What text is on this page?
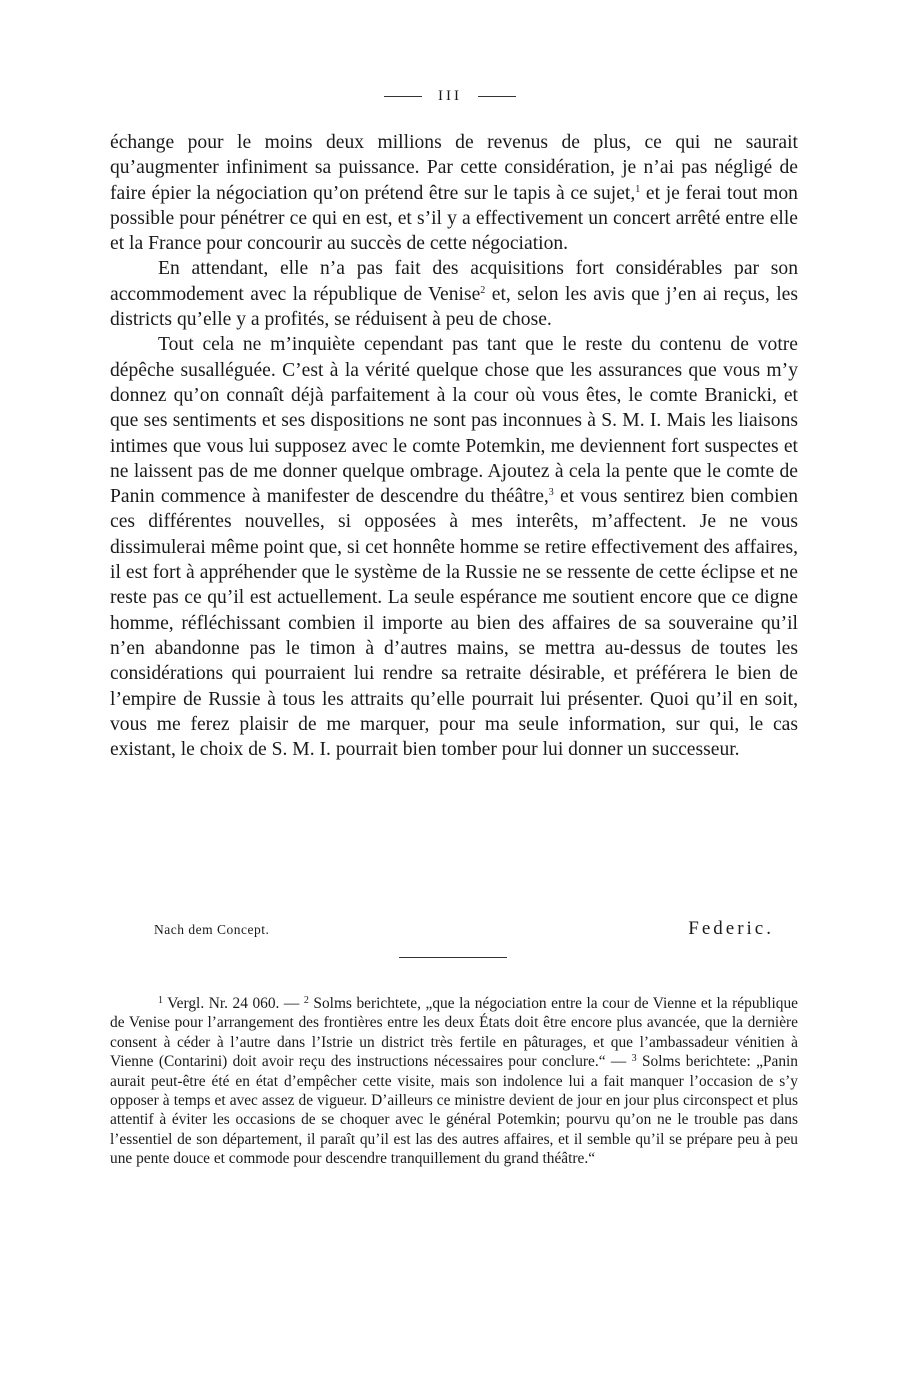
III

échange pour le moins deux millions de revenus de plus, ce qui ne saurait qu’augmenter infiniment sa puissance. Par cette considération, je n’ai pas négligé de faire épier la négociation qu’on prétend être sur le tapis à ce sujet,$^1$ et je ferai tout mon possible pour pénétrer ce qui en est, et s’il y a effectivement un concert arrêté entre elle et la France pour concourir au succès de cette négociation.

En attendant, elle n’a pas fait des acquisitions fort considérables par son accommodement avec la république de Venise$^2$ et, selon les avis que j’en ai reçus, les districts qu’elle y a profités, se réduisent à peu de chose.

Tout cela ne m’inquiète cependant pas tant que le reste du contenu de votre dépêche susalléguée. C’est à la vérité quelque chose que les assurances que vous m’y donnez qu’on connaît déjà parfaitement à la cour où vous êtes, le comte Branicki, et que ses sentiments et ses dispositions ne sont pas inconnues à S. M. I. Mais les liaisons intimes que vous lui supposez avec le comte Potemkin, me deviennent fort suspectes et ne laissent pas de me donner quelque ombrage. Ajoutez à cela la pente que le comte de Panin commence à manifester de descendre du théâtre,$^3$ et vous sentirez bien combien ces différentes nouvelles, si opposées à mes interêts, m’affectent. Je ne vous dissimulerai même point que, si cet honnête homme se retire effectivement des affaires, il est fort à appréhender que le système de la Russie ne se ressente de cette éclipse et ne reste pas ce qu’il est actuellement. La seule espérance me soutient encore que ce digne homme, réfléchissant combien il importe au bien des affaires de sa souveraine qu’il n’en abandonne pas le timon à d’autres mains, se mettra au-dessus de toutes les considérations qui pourraient lui rendre sa retraite désirable, et préférera le bien de l’empire de Russie à tous les attraits qu’elle pourrait lui présenter. Quoi qu’il en soit, vous me ferez plaisir de me marquer, pour ma seule information, sur qui, le cas existant, le choix de S. M. I. pourrait bien tomber pour lui donner un successeur.

Nach dem Concept.	Federic.

$^1$ Vergl. Nr. 24 060. — $^2$ Solms berichtete, „que la négociation entre la cour de Vienne et la république de Venise pour l’arrangement des frontières entre les deux États doit être encore plus avancée, que la dernière consent à céder à l’autre dans l’Istrie un district très fertile en pâturages, et que l’ambassadeur vénitien à Vienne (Contarini) doit avoir reçu des instructions nécessaires pour conclure.“ — $^3$ Solms berichtete: „Panin aurait peut-être été en état d’empêcher cette visite, mais son indolence lui a fait manquer l’occasion de s’y opposer à temps et avec assez de vigueur. D’ailleurs ce ministre devient de jour en jour plus circonspect et plus attentif à éviter les occasions de se choquer avec le général Potemkin; pourvu qu’on ne le trouble pas dans l’essentiel de son département, il paraît qu’il est las des autres affaires, et il semble qu’il se prépare peu à peu une pente douce et commode pour descendre tranquillement du grand théâtre.“
